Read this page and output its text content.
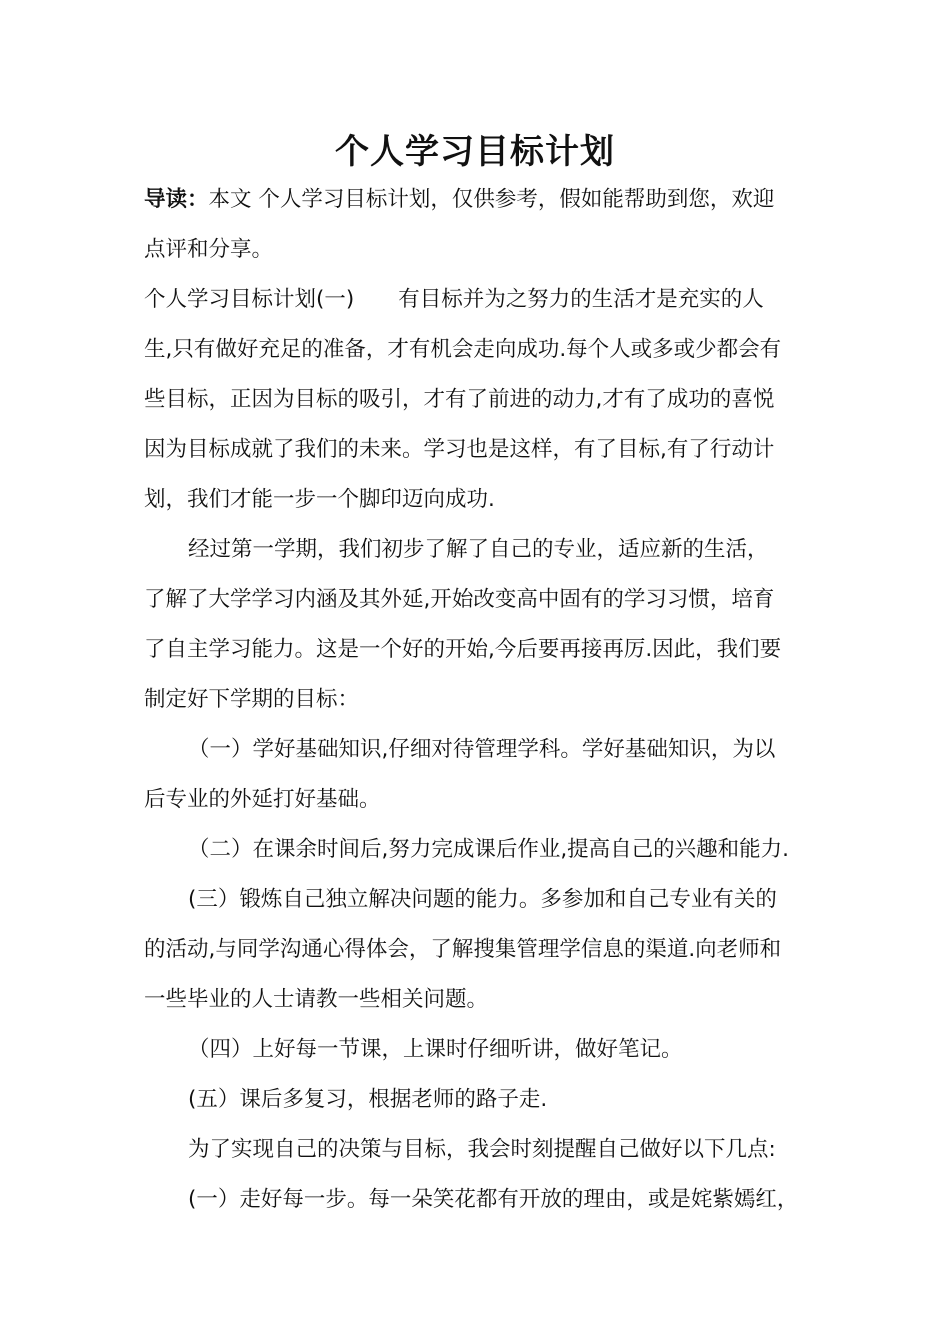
个人学习目标计划
导读：本文 个人学习目标计划，仅供参考，假如能帮助到您，欢迎
点评和分享。
个人学习目标计划(一) 有目标并为之努力的生活才是充实的人
生,只有做好充足的准备，才有机会走向成功.每个人或多或少都会有
些目标，正因为目标的吸引，才有了前进的动力,才有了成功的喜悦
因为目标成就了我们的未来。学习也是这样，有了目标,有了行动计
划，我们才能一步一个脚印迈向成功.
经过第一学期，我们初步了解了自己的专业，适应新的生活，
了解了大学学习内涵及其外延,开始改变高中固有的学习习惯，培育
了自主学习能力。这是一个好的开始,今后要再接再厉.因此，我们要
制定好下学期的目标：
（一）学好基础知识,仔细对待管理学科。学好基础知识，为以
后专业的外延打好基础。
（二）在课余时间后,努力完成课后作业,提高自己的兴趣和能力.
(三）锻炼自己独立解决问题的能力。多参加和自己专业有关的
的活动,与同学沟通心得体会，了解搜集管理学信息的渠道.向老师和
一些毕业的人士请教一些相关问题。
（四）上好每一节课，上课时仔细听讲，做好笔记。
(五）课后多复习，根据老师的路子走.
为了实现自己的决策与目标，我会时刻提醒自己做好以下几点:
(一）走好每一步。每一朵笑花都有开放的理由，或是姹紫嫣红，
